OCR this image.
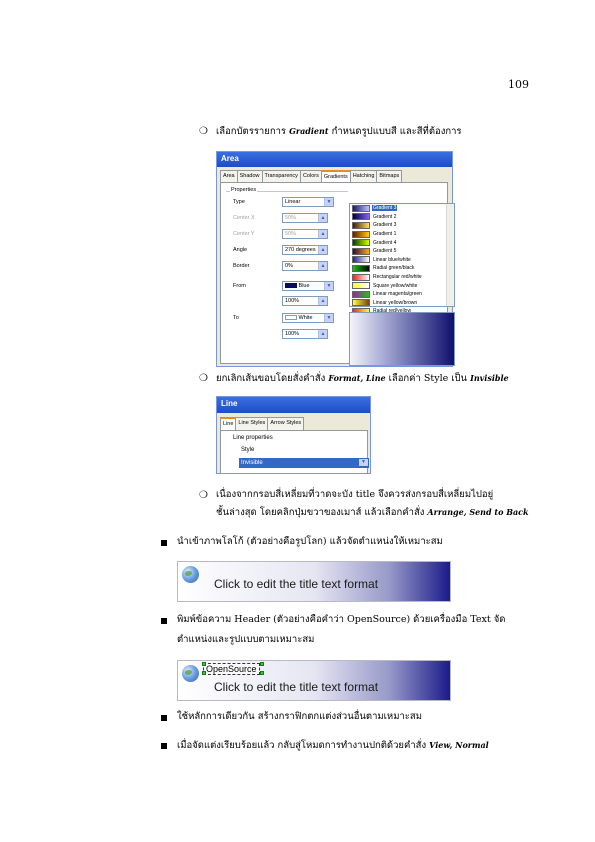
109
❍ เลือกบัตรรายการ Gradient กำหนดรูปแบบสี และสีที่ต้องการ
Area
Area Shadow Transparency Colors Gradients Hatching Bitmaps
Properties
Type	Linear	▼
Center X	50%	▲
Center Y	50%	▲
Angle	270 degrees ▲
Border	0%	▲
From	Blue	▼
100%	▲
To	White	▼
100%	▲
Gradient 3
Gradient 2
Gradient 3
Gradient 1
Gradient 4
Gradient 5
Linear blue/white
Radial green/black
Rectangular red/white
Square yellow/white
Linear magenta/green
Linear yellow/brown
❍ ยกเลิกเส้นขอบโดยสั่งคำสั่ง Format, Line เลือกค่า Style เป็น Invisible
Line
Line Line Styles Arrow Styles
Line properties
Style
Invisible	▼
❍ เนื่องจากกรอบสี่เหลี่ยมที่วาดจะบัง title จึงควรส่งกรอบสี่เหลี่ยมไปอยู่
ชั้นล่างสุด โดยคลิกปุ่มขวาของเมาส์ แล้วเลือกคำสั่ง Arrange, Send to Back
นำเข้าภาพโลโก้ (ตัวอย่างคือรูปโลก) แล้วจัดตำแหน่งให้เหมาะสม
Click to edit the title text format
พิมพ์ข้อความ Header (ตัวอย่างคือคำว่า OpenSource) ด้วยเครื่องมือ Text จัด
ตำแหน่งและรูปแบบตามเหมาะสม
OpenSource
Click to edit the title text format
ใช้หลักการเดียวกัน สร้างกราฟิกตกแต่งส่วนอื่นตามเหมาะสม
เมื่อจัดแต่งเรียบร้อยแล้ว กลับสู่โหมดการทำงานปกติด้วยคำสั่ง View, Normal
